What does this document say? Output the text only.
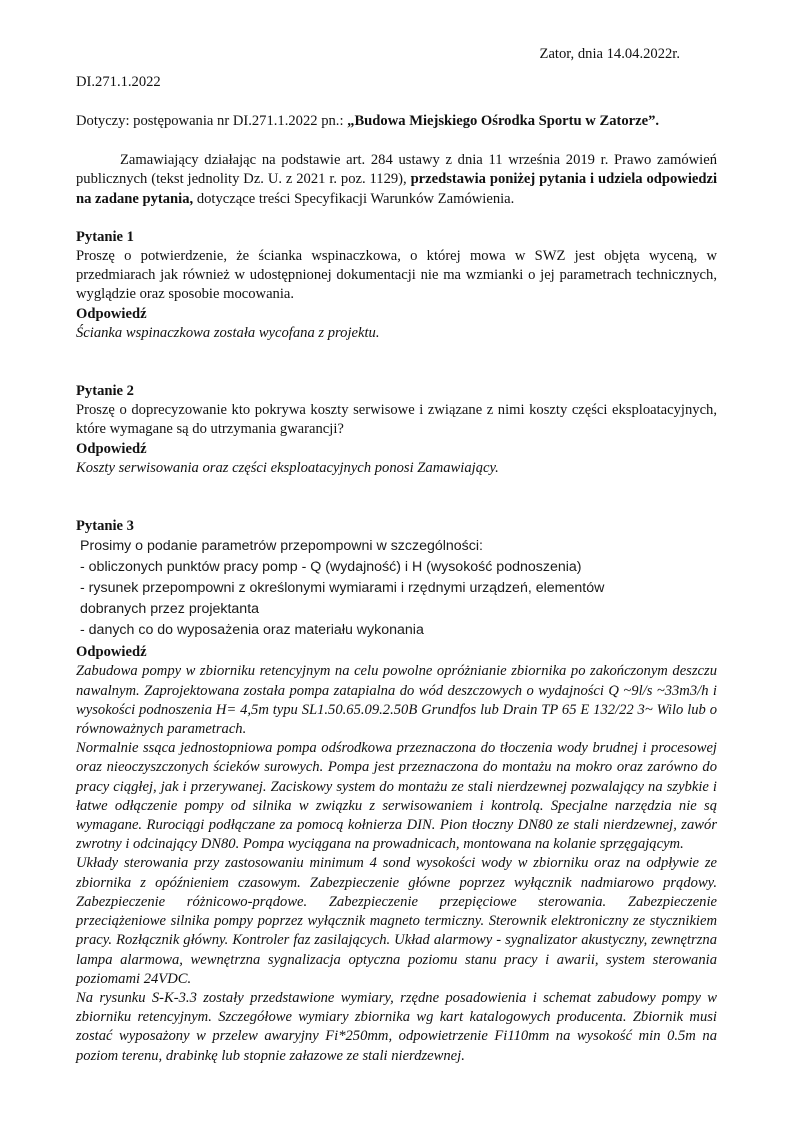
Zator, dnia 14.04.2022r.
DI.271.1.2022
Dotyczy: postępowania nr DI.271.1.2022 pn.: „Budowa Miejskiego Ośrodka Sportu w Zatorze”.
Zamawiający działając na podstawie art. 284 ustawy z dnia 11 września 2019 r. Prawo zamówień publicznych (tekst jednolity Dz. U. z 2021 r. poz. 1129), przedstawia poniżej pytania i udziela odpowiedzi na zadane pytania, dotyczące treści Specyfikacji Warunków Zamówienia.
Pytanie 1
Proszę o potwierdzenie, że ścianka wspinaczkowa, o której mowa w SWZ jest objęta wyceną, w przedmiarach jak również w udostępnionej dokumentacji nie ma wzmianki o jej parametrach technicznych, wyglądzie oraz sposobie mocowania.
Odpowiedź
Ścianka wspinaczkowa została wycofana z projektu.
Pytanie 2
Proszę o doprecyzowanie kto pokrywa koszty serwisowe i związane z nimi koszty części eksploatacyjnych, które wymagane są do utrzymania gwarancji?
Odpowiedź
Koszty serwisowania oraz części eksploatacyjnych ponosi Zamawiający.
Pytanie 3
Prosimy o podanie parametrów przepompowni w szczególności:
- obliczonych punktów pracy pomp - Q (wydajność) i H (wysokość podnoszenia)
- rysunek przepompowni z określonymi wymiarami i rzędnymi urządzeń, elementów
dobranych przez projektanta
- danych co do wyposażenia oraz materiału wykonania
Odpowiedź

Zabudowa pompy w zbiorniku retencyjnym na celu powolne opróżnianie zbiornika po zakończonym deszczu nawalnym. Zaprojektowana została pompa zatapialna do wód deszczowych o wydajności Q ~9l/s ~33m3/h i wysokości podnoszenia H= 4,5m typu SL1.50.65.09.2.50B Grundfos lub Drain TP 65 E 132/22 3~ Wilo lub o równoważnych parametrach.

Normalnie ssąca jednostopniowa pompa odśrodkowa przeznaczona do tłoczenia wody brudnej i procesowej oraz nieoczyszczonych ścieków surowych. Pompa jest przeznaczona do montażu na mokro oraz zarówno do pracy ciągłej, jak i przerywanej. Zaciskowy system do montażu ze stali nierdzewnej pozwalający na szybkie i łatwe odłączenie pompy od silnika w związku z serwisowaniem i kontrolą. Specjalne narzędzia nie są wymagane. Rurociągi podłączane za pomocą kołnierza DIN. Pion tłoczny DN80 ze stali nierdzewnej, zawór zwrotny i odcinający DN80. Pompa wyciągana na prowadnicach, montowana na kolanie sprzęgającym.

Układy sterowania przy zastosowaniu minimum 4 sond wysokości wody w zbiorniku oraz na odpływie ze zbiornika z opóźnieniem czasowym. Zabezpieczenie główne poprzez wyłącznik nadmiarowo prądowy. Zabezpieczenie różnicowo-prądowe. Zabezpieczenie przepięciowe sterowania. Zabezpieczenie przeciążeniowe silnika pompy poprzez wyłącznik magneto termiczny. Sterownik elektroniczny ze stycznikiem pracy. Rozłącznik główny. Kontroler faz zasilających. Układ alarmowy - sygnalizator akustyczny, zewnętrzna lampa alarmowa, wewnętrzna sygnalizacja optyczna poziomu stanu pracy i awarii, system sterowania poziomami 24VDC.

Na rysunku S-K-3.3 zostały przedstawione wymiary, rzędne posadowienia i schemat zabudowy pompy w zbiorniku retencyjnym. Szczegółowe wymiary zbiornika wg kart katalogowych producenta. Zbiornik musi zostać wyposażony w przelew awaryjny Fi*250mm, odpowietrzenie Fi110mm na wysokość min 0.5m na poziom terenu, drabinkę lub stopnie załazowe ze stali nierdzewnej.
